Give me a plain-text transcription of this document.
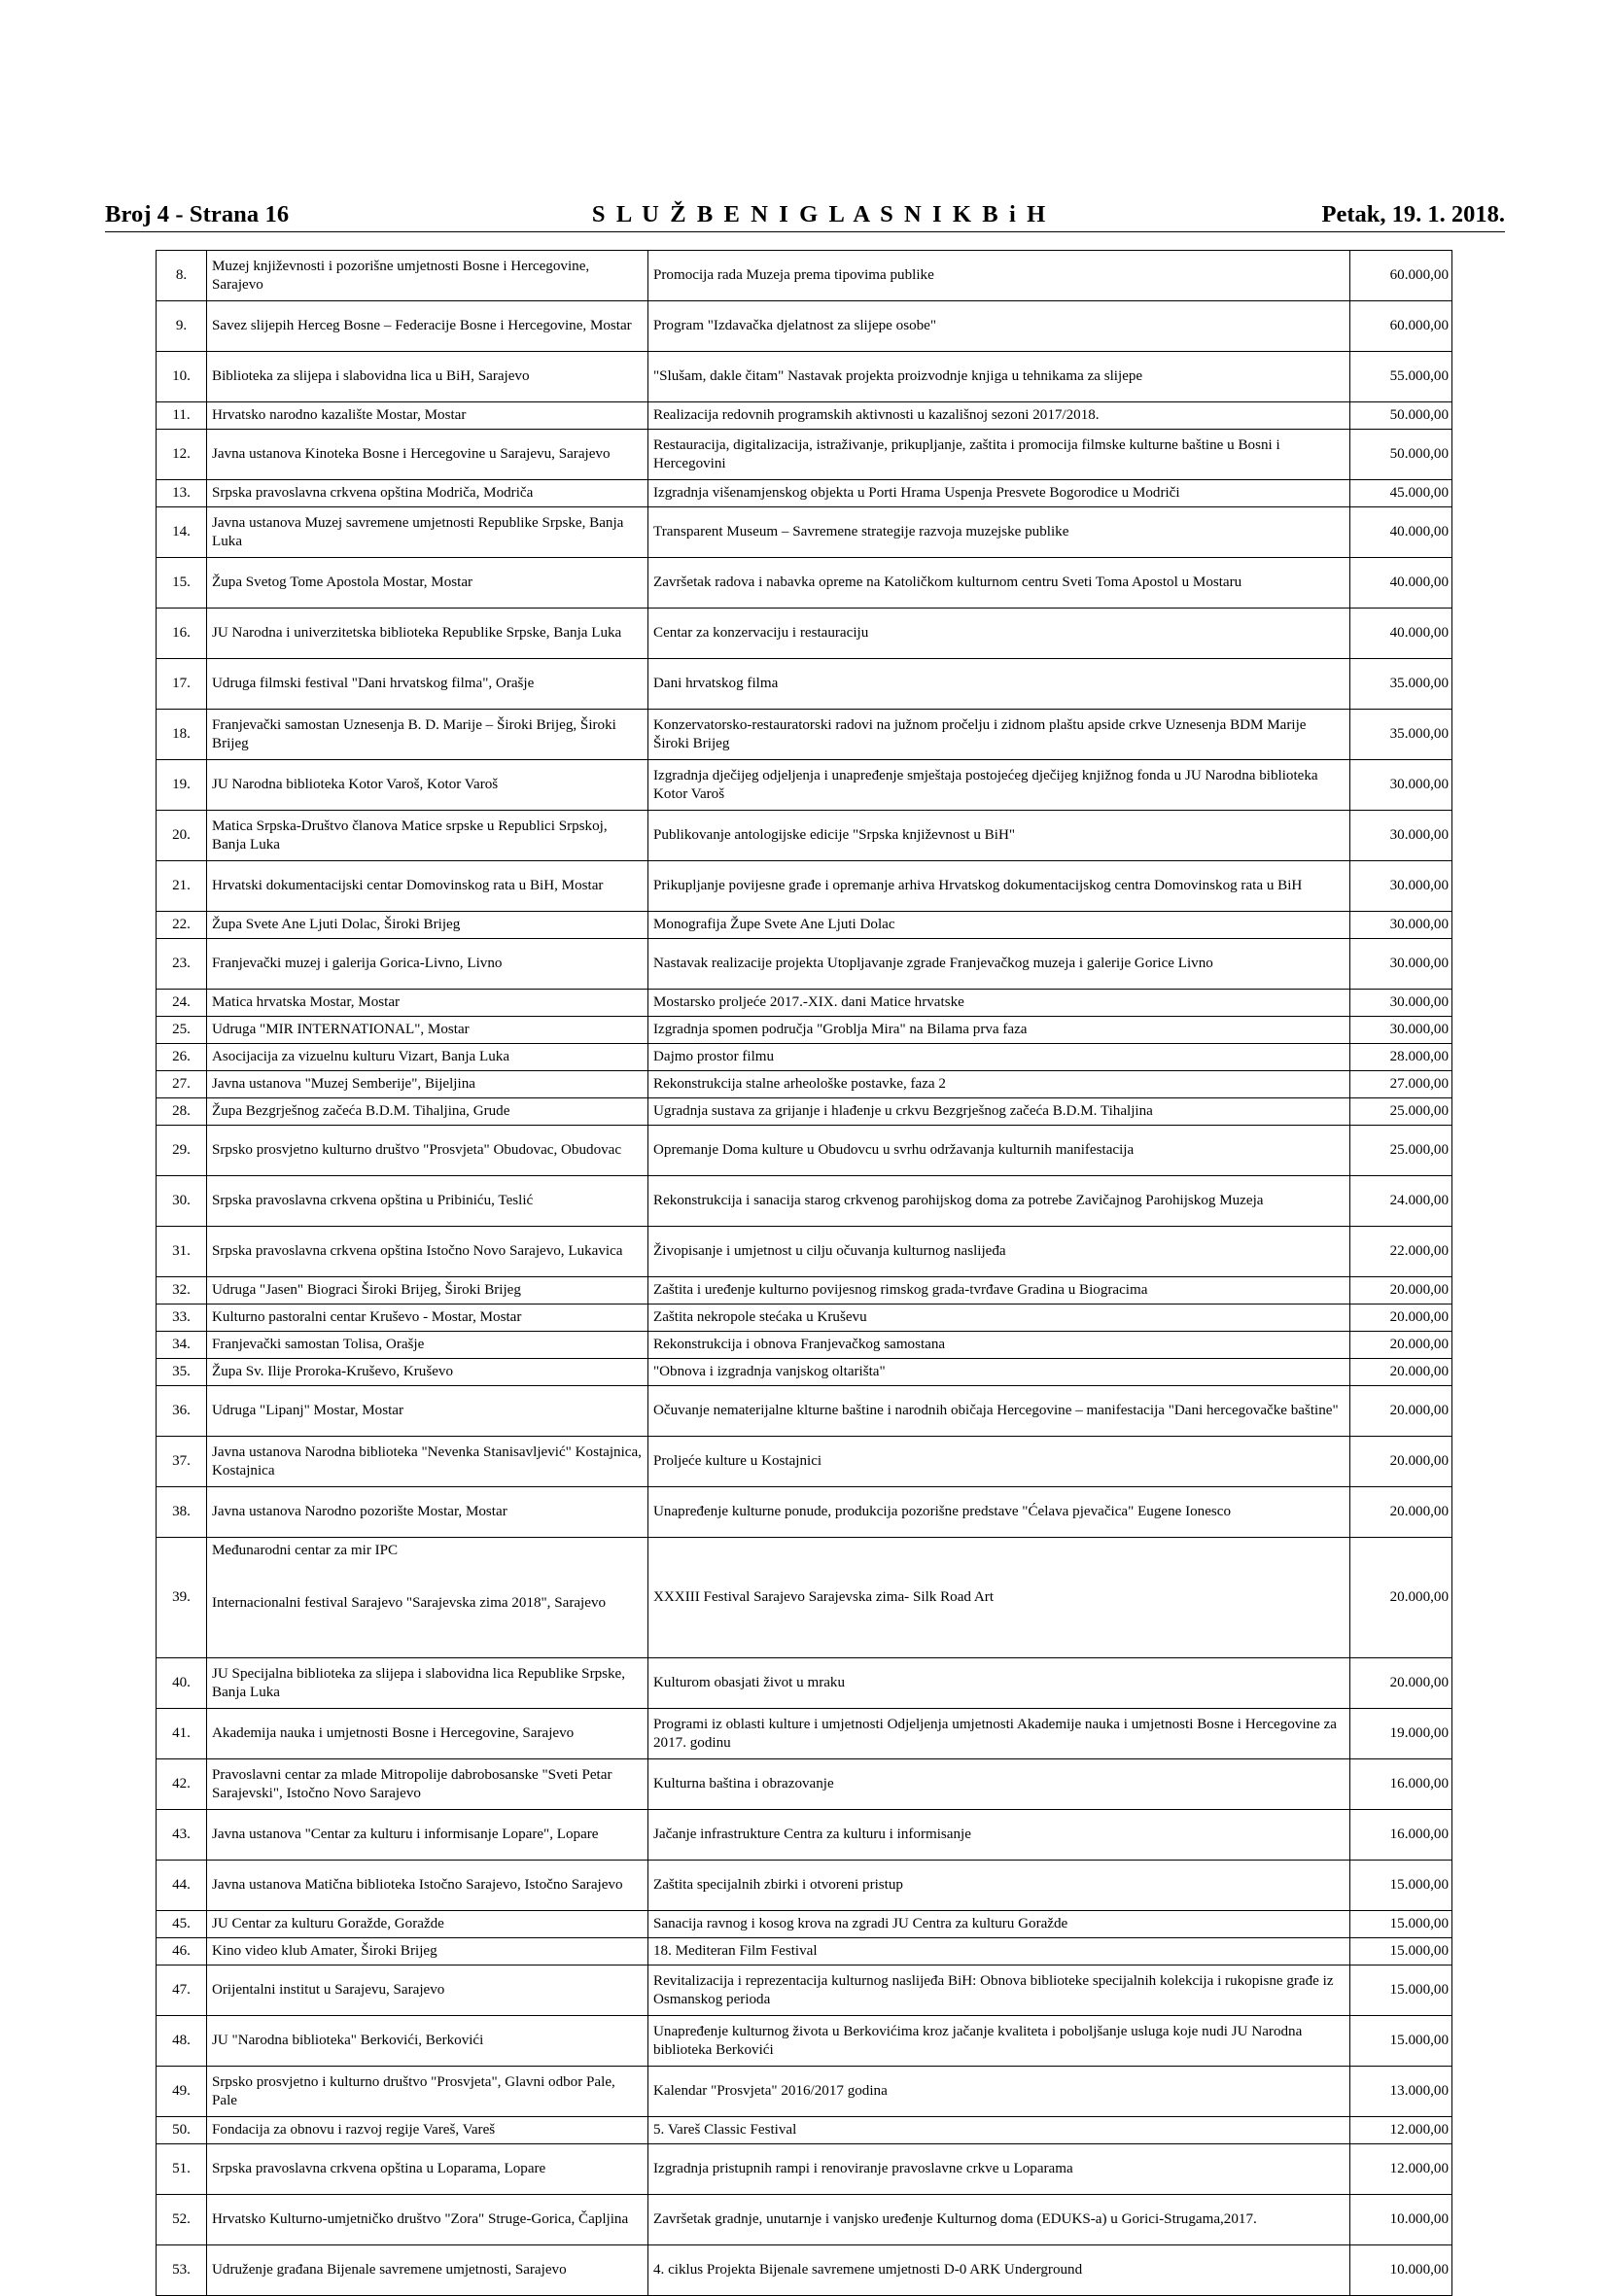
Broj 4 - Strana 16	S L U Ž B E N I G L A S N I K B i H	Petak, 19. 1. 2018.
8.	Muzej književnosti i pozorišne umjetnosti Bosne i Hercegovine, Sarajevo	Promocija rada Muzeja prema tipovima publike	60.000,00
9.	Savez slijepih Herceg Bosne – Federacije Bosne i Hercegovine, Mostar	Program "Izdavačka djelatnost za slijepe osobe"	60.000,00
10.	Biblioteka za slijepa i slabovidna lica u BiH, Sarajevo	"Slušam, dakle čitam" Nastavak projekta proizvodnje knjiga u tehnikama za slijepe	55.000,00
11.	Hrvatsko narodno kazalište Mostar, Mostar	Realizacija redovnih programskih aktivnosti u kazališnoj sezoni 2017/2018.	50.000,00
12.	Javna ustanova Kinoteka Bosne i Hercegovine u Sarajevu, Sarajevo	Restauracija, digitalizacija, istraživanje, prikupljanje, zaštita i promocija filmske kulturne baštine u Bosni i Hercegovini	50.000,00
13.	Srpska pravoslavna crkvena opština Modriča, Modriča	Izgradnja višenamjenskog objekta u Porti Hrama Uspenja Presvete Bogorodice u Modriči	45.000,00
14.	Javna ustanova Muzej savremene umjetnosti Republike Srpske, Banja Luka	Transparent Museum – Savremene strategije razvoja muzejske publike	40.000,00
15.	Župa Svetog Tome Apostola Mostar, Mostar	Završetak radova i nabavka opreme na Katoličkom kulturnom centru Sveti Toma Apostol u Mostaru	40.000,00
16.	JU Narodna i univerzitetska biblioteka Republike Srpske, Banja Luka	Centar za konzervaciju i restauraciju	40.000,00
17.	Udruga filmski festival "Dani hrvatskog filma", Orašje	Dani hrvatskog filma	35.000,00
18.	Franjevački samostan Uznesenja B. D. Marije – Široki Brijeg, Široki Brijeg	Konzervatorsko-restauratorski radovi na južnom pročelju i zidnom plaštu apside crkve Uznesenja BDM Marije Široki Brijeg	35.000,00
19.	JU Narodna biblioteka Kotor Varoš, Kotor Varoš	Izgradnja dječijeg odjeljenja i unapređenje smještaja postojećeg dječijeg knjižnog fonda u JU Narodna biblioteka Kotor Varoš	30.000,00
20.	Matica Srpska-Društvo članova Matice srpske u Republici Srpskoj, Banja Luka	Publikovanje antologijske edicije "Srpska književnost u BiH"	30.000,00
21.	Hrvatski dokumentacijski centar Domovinskog rata u BiH, Mostar	Prikupljanje povijesne građe i opremanje arhiva Hrvatskog dokumentacijskog centra Domovinskog rata u BiH	30.000,00
22.	Župa Svete Ane Ljuti Dolac, Široki Brijeg	Monografija Župe Svete Ane Ljuti Dolac	30.000,00
23.	Franjevački muzej i galerija Gorica-Livno, Livno	Nastavak realizacije projekta Utopljavanje zgrade Franjevačkog muzeja i galerije Gorice Livno	30.000,00
24.	Matica hrvatska Mostar, Mostar	Mostarsko proljeće 2017.-XIX. dani Matice hrvatske	30.000,00
25.	Udruga "MIR INTERNATIONAL", Mostar	Izgradnja spomen područja "Groblja Mira" na Bilama prva faza	30.000,00
26.	Asocijacija za vizuelnu kulturu Vizart, Banja Luka	Dajmo prostor filmu	28.000,00
27.	Javna ustanova "Muzej Semberije", Bijeljina	Rekonstrukcija stalne arheološke postavke, faza 2	27.000,00
28.	Župa Bezgrješnog začeća B.D.M. Tihaljina, Grude	Ugradnja sustava za grijanje i hlađenje u crkvu Bezgrješnog začeća B.D.M. Tihaljina	25.000,00
29.	Srpsko prosvjetno kulturno društvo "Prosvjeta" Obudovac, Obudovac	Opremanje Doma kulture u Obudovcu u svrhu održavanja kulturnih manifestacija	25.000,00
30.	Srpska pravoslavna crkvena opština u Pribiniću, Teslić	Rekonstrukcija i sanacija starog crkvenog parohijskog doma za potrebe Zavičajnog Parohijskog Muzeja	24.000,00
31.	Srpska pravoslavna crkvena opština Istočno Novo Sarajevo, Lukavica	Živopisanje i umjetnost u cilju očuvanja kulturnog naslijeđa	22.000,00
32.	Udruga "Jasen" Biograci Široki Brijeg, Široki Brijeg	Zaštita i uređenje kulturno povijesnog rimskog grada-tvrđave Gradina u Biogracima	20.000,00
33.	Kulturno pastoralni centar Kruševo - Mostar, Mostar	Zaštita nekropole stećaka u Kruševu	20.000,00
34.	Franjevački samostan Tolisa, Orašje	Rekonstrukcija i obnova Franjevačkog samostana	20.000,00
35.	Župa Sv. Ilije Proroka-Kruševo, Kruševo	"Obnova i izgradnja vanjskog oltarišta"	20.000,00
36.	Udruga "Lipanj" Mostar, Mostar	Očuvanje nematerijalne klturne baštine i narodnih običaja Hercegovine – manifestacija "Dani hercegovačke baštine"	20.000,00
37.	Javna ustanova Narodna biblioteka "Nevenka Stanisavljević" Kostajnica, Kostajnica	Proljeće kulture u Kostajnici	20.000,00
38.	Javna ustanova Narodno pozorište Mostar, Mostar	Unapređenje kulturne ponude, produkcija pozorišne predstave "Ćelava pjevačica" Eugene Ionesco	20.000,00
39.	Međunarodni centar za mir IPC
Internacionalni festival Sarajevo "Sarajevska zima 2018", Sarajevo	XXXIII Festival Sarajevo Sarajevska zima- Silk Road Art	20.000,00
40.	JU Specijalna biblioteka za slijepa i slabovidna lica Republike Srpske, Banja Luka	Kulturom obasjati život u mraku	20.000,00
41.	Akademija nauka i umjetnosti Bosne i Hercegovine, Sarajevo	Programi iz oblasti kulture i umjetnosti Odjeljenja umjetnosti Akademije nauka i umjetnosti Bosne i Hercegovine za 2017. godinu	19.000,00
42.	Pravoslavni centar za mlade Mitropolije dabrobosanske "Sveti Petar Sarajevski", Istočno Novo Sarajevo	Kulturna baština i obrazovanje	16.000,00
43.	Javna ustanova "Centar za kulturu i informisanje Lopare", Lopare	Jačanje infrastrukture Centra za kulturu i informisanje	16.000,00
44.	Javna ustanova Matična biblioteka Istočno Sarajevo, Istočno Sarajevo	Zaštita specijalnih zbirki i otvoreni pristup	15.000,00
45.	JU Centar za kulturu Goražde, Goražde	Sanacija ravnog i kosog krova na zgradi JU Centra za kulturu Goražde	15.000,00
46.	Kino video klub Amater, Široki Brijeg	18. Mediteran Film Festival	15.000,00
47.	Orijentalni institut u Sarajevu, Sarajevo	Revitalizacija i reprezentacija kulturnog naslijeđa BiH: Obnova biblioteke specijalnih kolekcija i rukopisne građe iz Osmanskog perioda	15.000,00
48.	JU "Narodna biblioteka" Berkovići, Berkovići	Unapređenje kulturnog života u Berkovićima kroz jačanje kvaliteta i poboljšanje usluga koje nudi JU Narodna biblioteka Berkovići	15.000,00
49.	Srpsko prosvjetno i kulturno društvo "Prosvjeta", Glavni odbor Pale, Pale	Kalendar "Prosvjeta" 2016/2017 godina	13.000,00
50.	Fondacija za obnovu i razvoj regije Vareš, Vareš	5. Vareš Classic Festival	12.000,00
51.	Srpska pravoslavna crkvena opština u Loparama, Lopare	Izgradnja pristupnih rampi i renoviranje pravoslavne crkve u Loparama	12.000,00
52.	Hrvatsko Kulturno-umjetničko društvo "Zora" Struge-Gorica, Čapljina	Završetak gradnje, unutarnje i vanjsko uređenje Kulturnog doma (EDUKS-a) u Gorici-Strugama,2017.	10.000,00
53.	Udruženje građana Bijenale savremene umjetnosti, Sarajevo	4. ciklus Projekta Bijenale savremene umjetnosti D-0 ARK Underground	10.000,00
